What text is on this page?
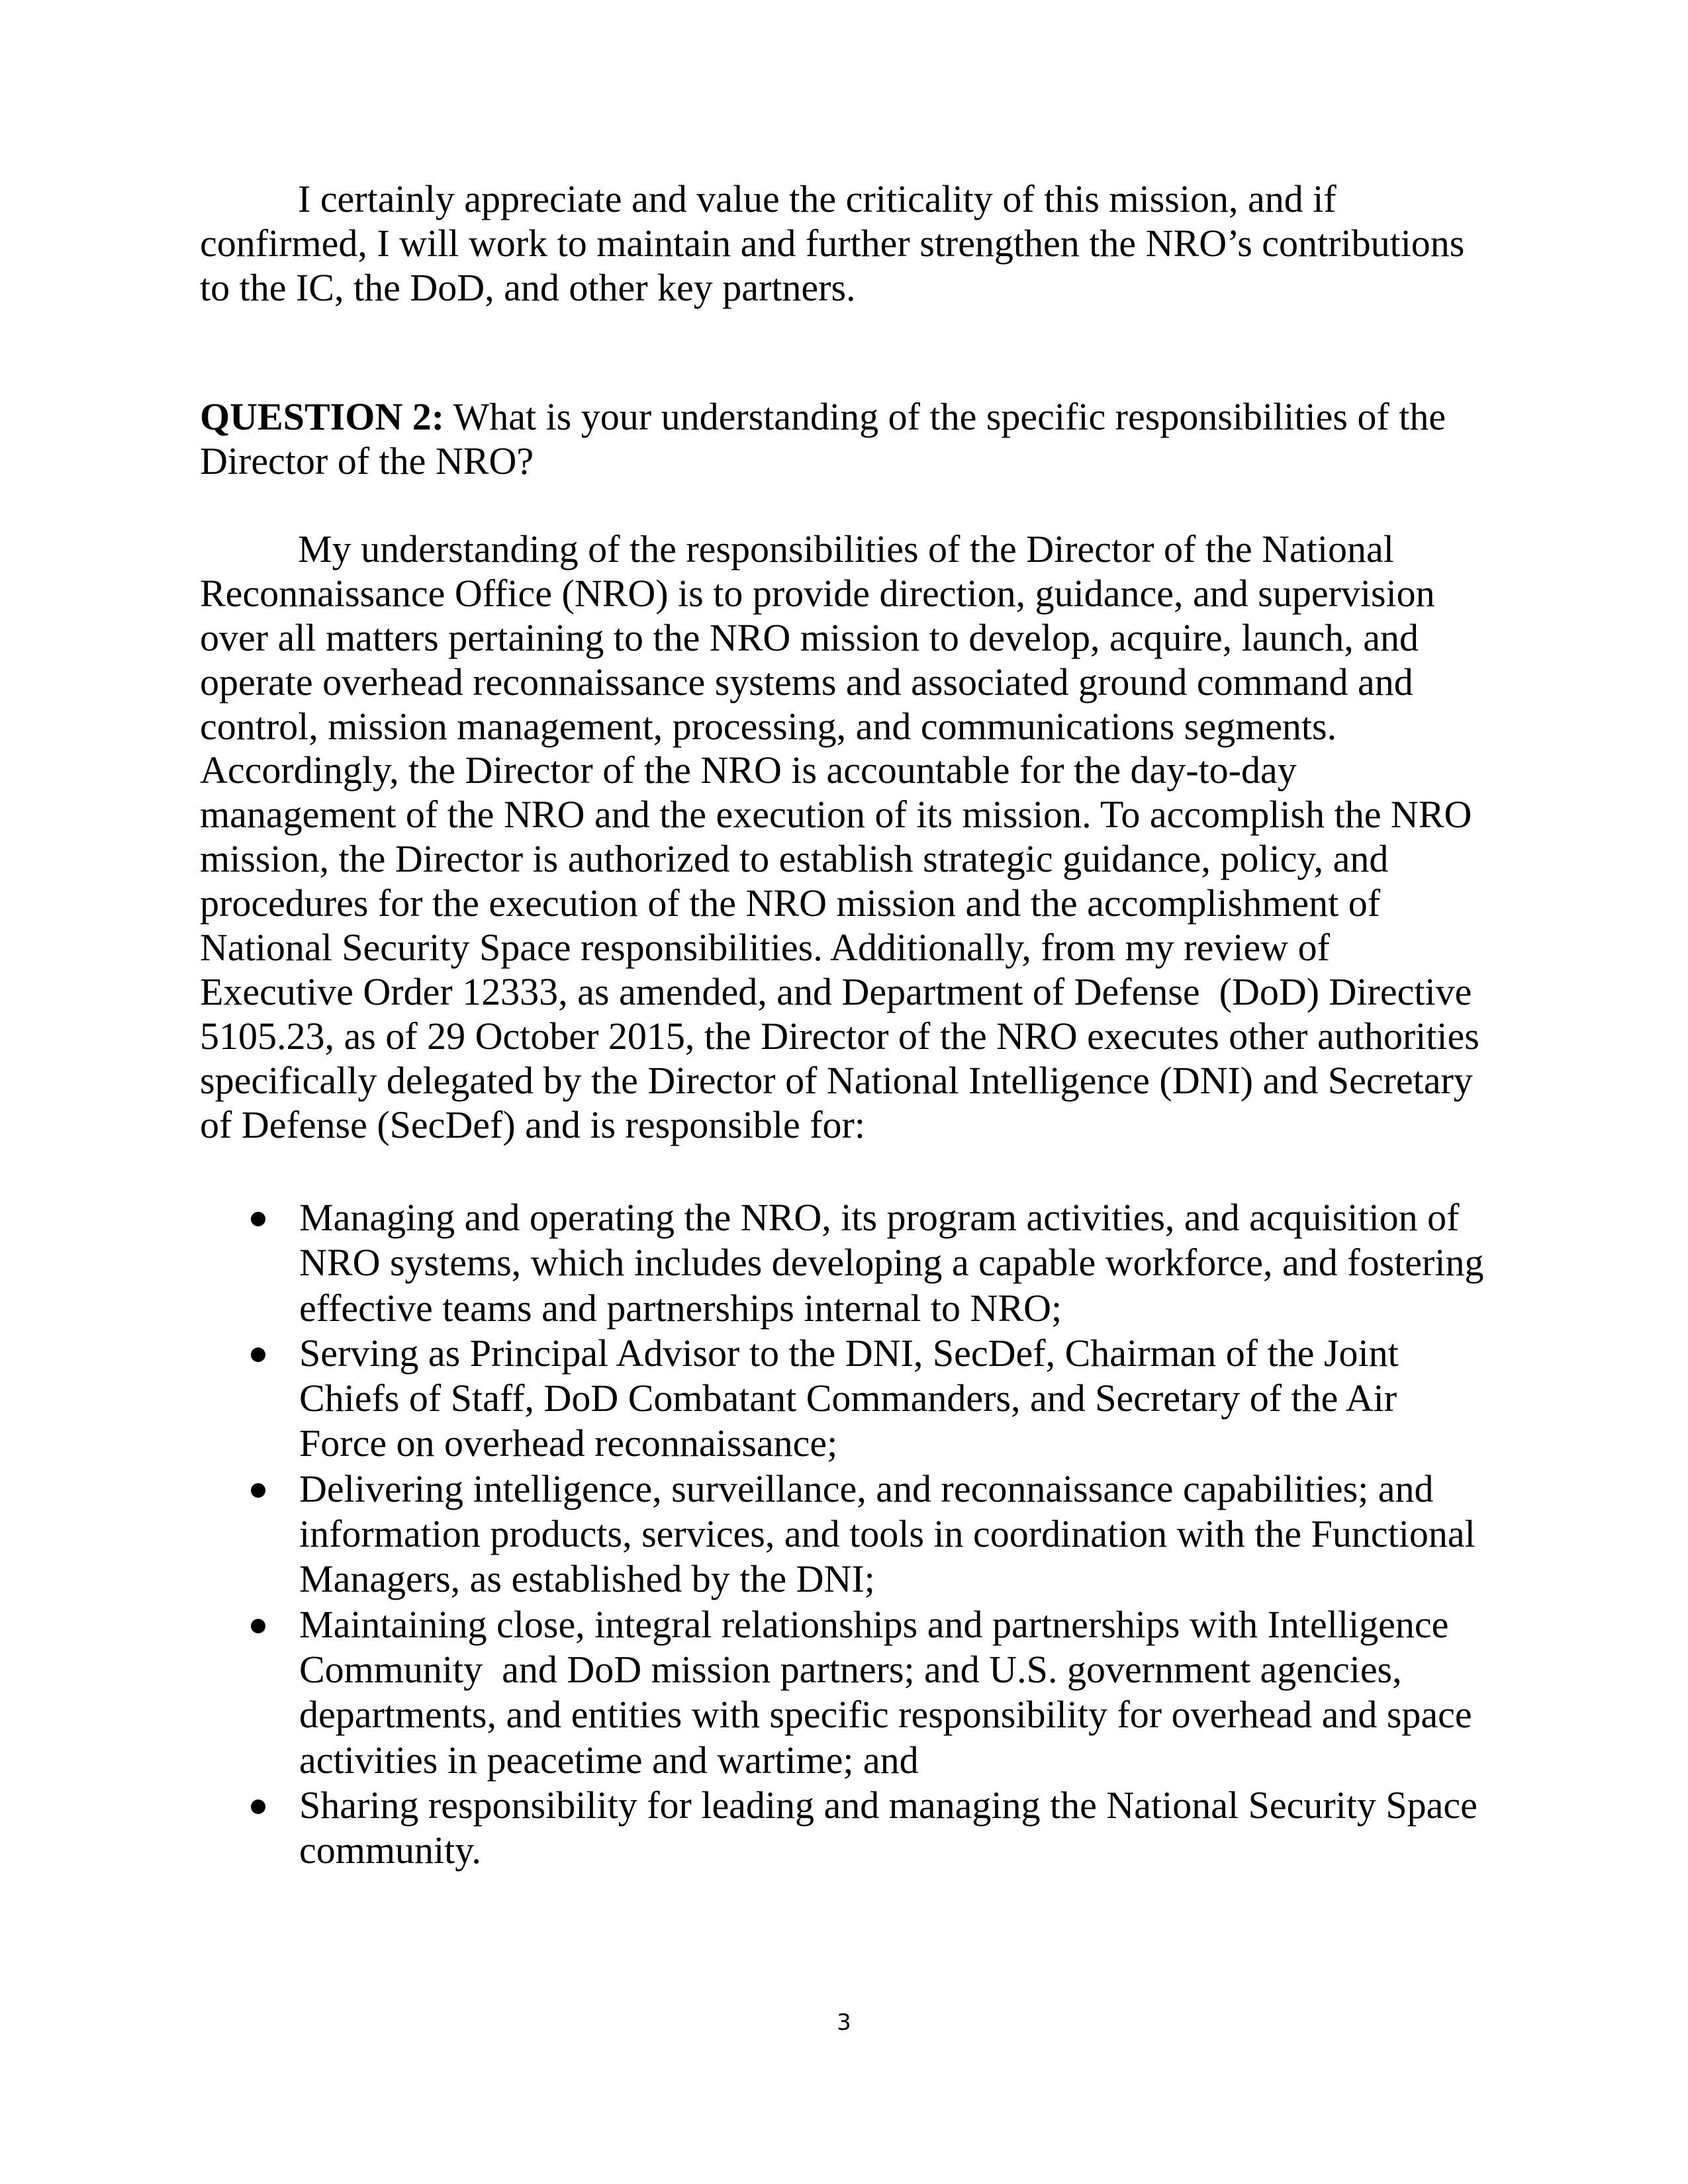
I certainly appreciate and value the criticality of this mission, and if
confirmed, I will work to maintain and further strengthen the NRO’s contributions
to the IC, the DoD, and other key partners.
QUESTION 2: What is your understanding of the specific responsibilities of the
Director of the NRO?
My understanding of the responsibilities of the Director of the National
Reconnaissance Office (NRO) is to provide direction, guidance, and supervision
over all matters pertaining to the NRO mission to develop, acquire, launch, and
operate overhead reconnaissance systems and associated ground command and
control, mission management, processing, and communications segments.
Accordingly, the Director of the NRO is accountable for the day-to-day
management of the NRO and the execution of its mission. To accomplish the NRO
mission, the Director is authorized to establish strategic guidance, policy, and
procedures for the execution of the NRO mission and the accomplishment of
National Security Space responsibilities. Additionally, from my review of
Executive Order 12333, as amended, and Department of Defense  (DoD) Directive
5105.23, as of 29 October 2015, the Director of the NRO executes other authorities
specifically delegated by the Director of National Intelligence (DNI) and Secretary
of Defense (SecDef) and is responsible for:
Managing and operating the NRO, its program activities, and acquisition of
NRO systems, which includes developing a capable workforce, and fostering
effective teams and partnerships internal to NRO;
Serving as Principal Advisor to the DNI, SecDef, Chairman of the Joint
Chiefs of Staff, DoD Combatant Commanders, and Secretary of the Air
Force on overhead reconnaissance;
Delivering intelligence, surveillance, and reconnaissance capabilities; and
information products, services, and tools in coordination with the Functional
Managers, as established by the DNI;
Maintaining close, integral relationships and partnerships with Intelligence
Community  and DoD mission partners; and U.S. government agencies,
departments, and entities with specific responsibility for overhead and space
activities in peacetime and wartime; and
Sharing responsibility for leading and managing the National Security Space
community.
3
